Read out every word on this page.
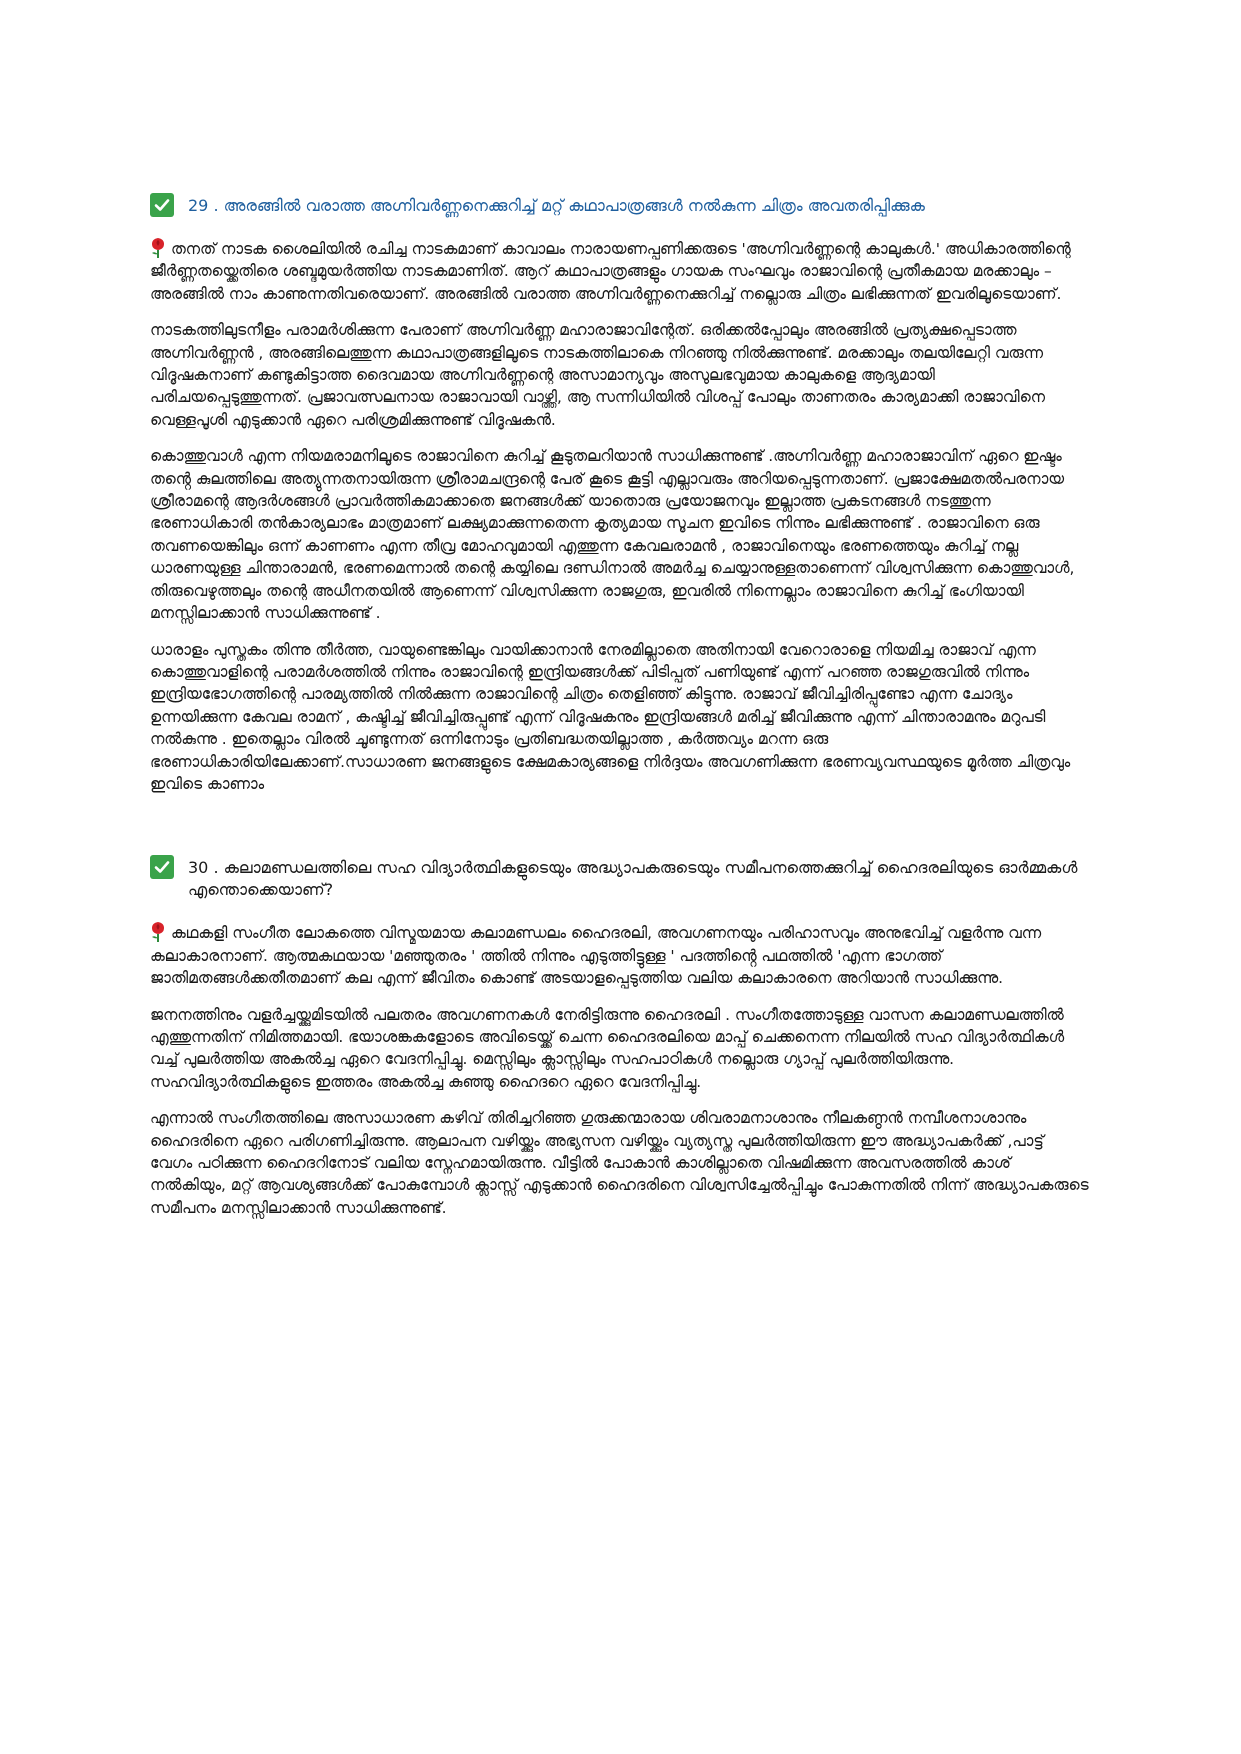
29 . അരങ്ങിൽ വരാത്ത അഗ്നിവർണ്ണനെക്കുറിച്ച് മറ്റ് കഥാപാത്രങ്ങൾ നൽകുന്ന ചിത്രം അവതരിപ്പിക്കുക

തനത് നാടക ശൈലിയിൽ രചിച്ച നാടകമാണ് കാവാലം നാരായണപ്പണിക്കരുടെ 'അഗ്നിവർണ്ണന്റെ കാലുകൾ.' അധികാരത്തിന്റെ ജീർണ്ണതയ്ക്കെതിരെ ശബ്ദമുയർത്തിയ നാടകമാണിത്. ആറ് കഥാപാത്രങ്ങളും ഗായക സംഘവും രാജാവിന്റെ പ്രതീകമായ മരക്കാലും – അരങ്ങിൽ നാം കാണുന്നതിവരെയാണ്. അരങ്ങിൽ വരാത്ത അഗ്നിവർണ്ണനെക്കുറിച്ച് നല്ലൊരു ചിത്രം ലഭിക്കുന്നത് ഇവരിലൂടെയാണ്.

നാടകത്തിലുടനീളം പരാമർശിക്കുന്ന പേരാണ് അഗ്നിവർണ്ണ മഹാരാജാവിന്റേത്. ഒരിക്കൽപ്പോലും അരങ്ങിൽ പ്രത്യക്ഷപ്പെടാത്ത അഗ്നിവർണ്ണൻ , അരങ്ങിലെത്തുന്ന കഥാപാത്രങ്ങളിലൂടെ നാടകത്തിലാകെ നിറഞ്ഞു നിൽക്കുന്നുണ്ട്. മരക്കാലും തലയിലേറ്റി വരുന്ന വിദൂഷകനാണ് കണ്ടുകിട്ടാത്ത ദൈവമായ അഗ്നിവർണ്ണന്റെ അസാമാന്യവും അസുലഭവുമായ കാലുകളെ ആദ്യമായി പരിചയപ്പെടുത്തുന്നത്. പ്രജാവത്സലനായ രാജാവായി വാഴ്ത്തി, ആ സന്നിധിയിൽ വിശപ്പ് പോലും താണതരം കാര്യമാക്കി രാജാവിനെ വെള്ളപൂശി എടുക്കാൻ ഏറെ പരിശ്രമിക്കുന്നുണ്ട് വിദൂഷകൻ.

കൊത്തുവാൾ എന്ന നിയമരാമനിലൂടെ രാജാവിനെ കുറിച്ച് കൂടുതലറിയാൻ സാധിക്കുന്നുണ്ട് .അഗ്നിവർണ്ണ മഹാരാജാവിന് ഏറെ ഇഷ്ടം തൻ്റെ കുലത്തിലെ അത്യുന്നതനായിരുന്ന ശ്രീരാമചന്ദ്രന്റെ പേര് കൂടെ കൂട്ടി എല്ലാവരും അറിയപ്പെടുന്നതാണ്. പ്രജാക്ഷേമതൽപരനായ ശ്രീരാമന്റെ ആദർശങ്ങൾ പ്രാവർത്തികമാക്കാതെ ജനങ്ങൾക്ക് യാതൊരു പ്രയോജനവും ഇല്ലാത്ത പ്രകടനങ്ങൾ നടത്തുന്ന ഭരണാധികാരി തൻകാര്യലാഭം മാത്രമാണ് ലക്ഷ്യമാക്കുന്നതെന്ന കൃത്യമായ സൂചന ഇവിടെ നിന്നും ലഭിക്കുന്നുണ്ട് . രാജാവിനെ ഒരു തവണയെങ്കിലും ഒന്ന് കാണണം എന്ന തീവ്ര മോഹവുമായി എത്തുന്ന കേവലരാമൻ , രാജാവിനെയും ഭരണത്തെയും കുറിച്ച് നല്ല ധാരണയുള്ള ചിന്താരാമൻ, ഭരണമെന്നാൽ തന്റെ കയ്യിലെ ദണ്ഡിനാൽ അമർച്ച ചെയ്യാനുള്ളതാണെന്ന് വിശ്വസിക്കുന്ന കൊത്തുവാൾ, തിരുവെഴുത്തലും തന്റെ അധീനതയിൽ ആണെന്ന് വിശ്വസിക്കുന്ന രാജഗുരു, ഇവരിൽ നിന്നെല്ലാം രാജാവിനെ കുറിച്ച് ഭംഗിയായി മനസ്സിലാക്കാൻ സാധിക്കുന്നുണ്ട് .

ധാരാളം പുസ്തകം തിന്നു തീർത്ത, വായുണ്ടെങ്കിലും വായിക്കാനാൻ നേരമില്ലാതെ അതിനായി വേറൊരാളെ നിയമിച്ച രാജാവ് എന്ന കൊത്തുവാളിന്റെ പരാമർശത്തിൽ നിന്നും രാജാവിന്റെ ഇന്ദ്രിയങ്ങൾക്ക് പിടിപ്പത് പണിയുണ്ട് എന്ന് പറഞ്ഞ രാജഗുരുവിൽ നിന്നും ഇന്ദ്രിയഭോഗത്തിന്റെ പാരമ്യത്തിൽ നിൽക്കുന്ന രാജാവിന്റെ ചിത്രം തെളിഞ്ഞ് കിട്ടുന്നു. രാജാവ് ജീവിച്ചിരിപ്പുണ്ടോ എന്ന ചോദ്യം ഉന്നയിക്കുന്ന കേവല രാമന് , കഷ്ടിച്ച് ജീവിച്ചിരുപ്പുണ്ട് എന്ന് വിദൂഷകനും ഇന്ദ്രിയങ്ങൾ മരിച്ച് ജീവിക്കുന്നു എന്ന് ചിന്താരാമനും മറുപടി നൽകുന്നു . ഇതെല്ലാം വിരൽ ചൂണ്ടുന്നത് ഒന്നിനോടും പ്രതിബദ്ധതയില്ലാത്ത , കർത്തവ്യം മറന്ന ഒരു ഭരണാധികാരിയിലേക്കാണ്.സാധാരണ ജനങ്ങളുടെ ക്ഷേമകാര്യങ്ങളെ നിർദ്ദയം അവഗണിക്കുന്ന ഭരണവ്യവസ്ഥയുടെ മൂർത്ത ചിത്രവും ഇവിടെ കാണാം

30 . കലാമണ്ഡലത്തിലെ സഹ വിദ്യാർത്ഥികളുടെയും അദ്ധ്യാപകരുടെയും സമീപനത്തെക്കുറിച്ച് ഹൈദരലിയുടെ ഓർമ്മകൾ എന്തൊക്കെയാണ്?

കഥകളി സംഗീത ലോകത്തെ വിസ്മയമായ കലാമണ്ഡലം ഹൈദരലി, അവഗണനയും പരിഹാസവും അനുഭവിച്ച് വളർന്നു വന്ന കലാകാരനാണ്. ആത്മകഥയായ 'മഞ്ഞുതരം ' ത്തിൽ നിന്നും എടുത്തിട്ടുള്ള ' പദത്തിൻ്റെ പഥത്തിൽ 'എന്ന ഭാഗത്ത് ജാതിമതങ്ങൾക്കതീതമാണ് കല എന്ന് ജീവിതം കൊണ്ട് അടയാളപ്പെടുത്തിയ വലിയ കലാകാരനെ അറിയാൻ സാധിക്കുന്നു.

ജനനത്തിനും വളർച്ചയ്ക്കുമിടയിൽ പലതരം അവഗണനകൾ നേരിട്ടിരുന്നു ഹൈദരലി . സംഗീതത്തോടുള്ള വാസന കലാമണ്ഡലത്തിൽ എത്തുന്നതിന് നിമിത്തമായി. ഭയാശങ്കകളോടെ അവിടെയ്ക്ക് ചെന്ന ഹൈദരലിയെ മാപ്പ് ചെക്കനെന്ന നിലയിൽ സഹ വിദ്യാർത്ഥികൾ വച്ച് പുലർത്തിയ അകൽച്ച ഏറെ വേദനിപ്പിച്ചു. മെസ്സിലും ക്ലാസ്സിലും സഹപാഠികൾ നല്ലൊരു ഗ്യാപ്പ് പുലർത്തിയിരുന്നു. സഹവിദ്യാർത്ഥികളുടെ ഇത്തരം അകൽച്ച കുഞ്ഞു ഹൈദറെ ഏറെ വേദനിപ്പിച്ചു.

എന്നാൽ സംഗീതത്തിലെ അസാധാരണ കഴിവ് തിരിച്ചറിഞ്ഞ ഗുരുക്കന്മാരായ ശിവരാമനാശാനും നീലകണ്ഠൻ നമ്പീശനാശാനും ഹൈദരിനെ ഏറെ പരിഗണിച്ചിരുന്നു. ആലാപന വഴിയ്ക്കും അഭ്യസന വഴിയ്ക്കും വ്യത്യസ്ത പുലർത്തിയിരുന്ന ഈ അദ്ധ്യാപകർക്ക് ,പാട്ട് വേഗം പഠിക്കുന്ന ഹൈദറിനോട് വലിയ സ്നേഹമായിരുന്നു. വീട്ടിൽ പോകാൻ കാശില്ലാതെ വിഷമിക്കുന്ന അവസരത്തിൽ കാശ് നൽകിയും, മറ്റ് ആവശ്യങ്ങൾക്ക് പോകുമ്പോൾ ക്ലാസ്സ് എടുക്കാൻ ഹൈദരിനെ വിശ്വസിച്ചേൽപ്പിച്ചും പോകുന്നതിൽ നിന്ന് അദ്ധ്യാപകരുടെ സമീപനം മനസ്സിലാക്കാൻ സാധിക്കുന്നുണ്ട്.
